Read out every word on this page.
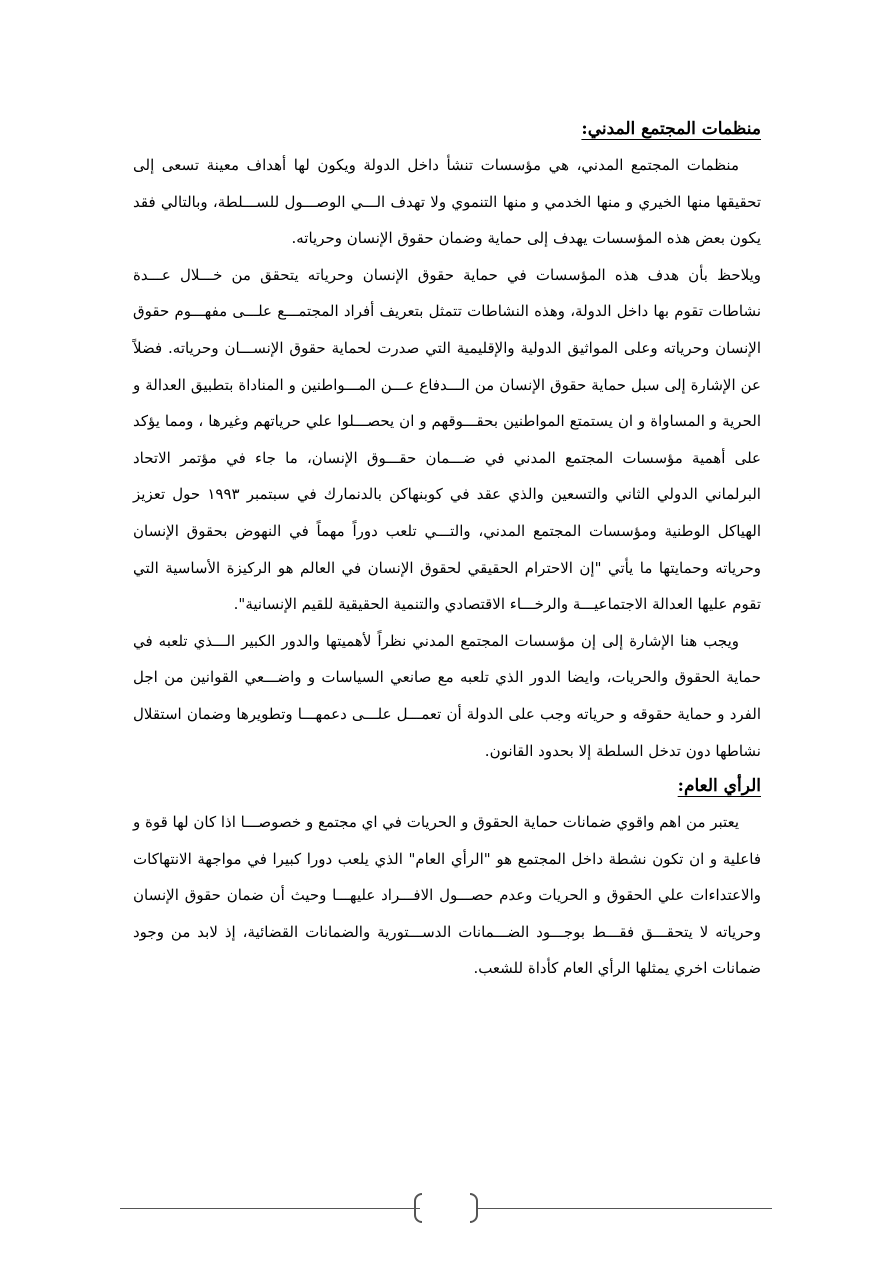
منظمات المجتمع المدني:

منظمات المجتمع المدني، هي مؤسسات تنشأ داخل الدولة ويكون لها أهداف معينة تسعى إلى تحقيقها منها الخيري و منها الخدمي و منها التنموي ولا تهدف الـــي الوصـــول للســـلطة، وبالتالي فقد يكون بعض هذه المؤسسات يهدف إلى حماية وضمان حقوق الإنسان وحرياته.

ويلاحظ بأن هدف هذه المؤسسات في حماية حقوق الإنسان وحرياته يتحقق من خـــلال عـــدة نشاطات تقوم بها داخل الدولة، وهذه النشاطات تتمثل بتعريف أفراد المجتمـــع علـــى مفهـــوم حقوق الإنسان وحرياته وعلى المواثيق الدولية والإقليمية التي صدرت لحماية حقوق الإنســـان وحرياته. فضلاً عن الإشارة إلى سبل حماية حقوق الإنسان من الـــدفاع عـــن المـــواطنين و المناداة بتطبيق العدالة و الحرية و المساواة و ان يستمتع المواطنين بحقـــوقهم و ان يحصـــلوا علي حرياتهم وغيرها ، ومما يؤكد على أهمية مؤسسات المجتمع المدني في ضـــمان حقـــوق الإنسان، ما جاء في مؤتمر الاتحاد البرلماني الدولي الثاني والتسعين والذي عقد في كوبنهاكن بالدنمارك في سبتمبر ١٩٩٣ حول تعزيز الهياكل الوطنية ومؤسسات المجتمع المدني، والتـــي تلعب دوراً مهماً في النهوض بحقوق الإنسان وحرياته وحمايتها ما يأتي "إن الاحترام الحقيقي لحقوق الإنسان في العالم هو الركيزة الأساسية التي تقوم عليها العدالة الاجتماعيـــة والرخـــاء الاقتصادي والتنمية الحقيقية للقيم الإنسانية".

ويجب هنا الإشارة إلى إن مؤسسات المجتمع المدني نظراً لأهميتها والدور الكبير الـــذي تلعبه في حماية الحقوق والحريات، وايضا الدور الذي تلعبه مع صانعي السياسات و واضـــعي القوانين من اجل الفرد و حماية حقوقه و حرياته وجب على الدولة أن تعمـــل علـــى دعمهـــا وتطويرها وضمان استقلال نشاطها دون تدخل السلطة إلا بحدود القانون.

الرأي العام:

يعتبر من اهم واقوي ضمانات حماية الحقوق و الحريات في اي مجتمع و خصوصـــا اذا كان لها قوة و فاعلية و ان تكون نشطة داخل المجتمع هو "الرأي العام" الذي يلعب دورا كبيرا في مواجهة الانتهاكات والاعتداءات علي الحقوق و الحريات وعدم حصـــول الافـــراد عليهـــا وحيث أن ضمان حقوق الإنسان وحرياته لا يتحقـــق فقـــط بوجـــود الضـــمانات الدســـتورية والضمانات القضائية، إذ لابد من وجود ضمانات اخري يمثلها الرأي العام كأداة للشعب.
